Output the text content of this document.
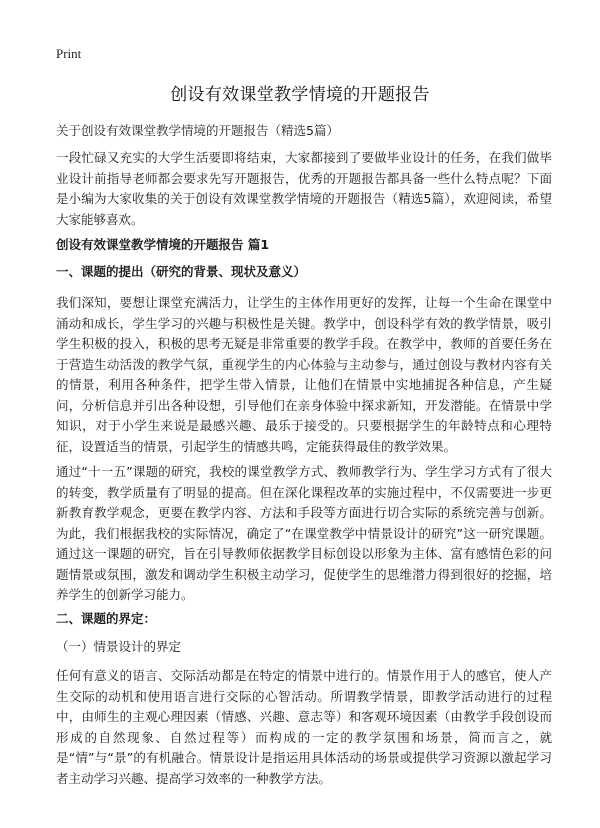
Print
创设有效课堂教学情境的开题报告

关于创设有效课堂教学情境的开题报告（精选5篇）

一段忙碌又充实的大学生活要即将结束，大家都接到了要做毕业设计的任务，在我们做毕业设计前指导老师都会要求先写开题报告，优秀的开题报告都具备一些什么特点呢？下面是小编为大家收集的关于创设有效课堂教学情境的开题报告（精选5篇），欢迎阅读，希望大家能够喜欢。

创设有效课堂教学情境的开题报告 篇1

一、课题的提出（研究的背景、现状及意义）

我们深知，要想让课堂充满活力，让学生的主体作用更好的发挥，让每一个生命在课堂中涌动和成长，学生学习的兴趣与积极性是关键。教学中，创设科学有效的教学情景，吸引学生积极的投入，积极的思考无疑是非常重要的教学手段。在教学中，教师的首要任务在于营造生动活泼的教学气氛，重视学生的内心体验与主动参与，通过创设与教材内容有关的情景，利用各种条件，把学生带入情景，让他们在情景中实地捕捉各种信息，产生疑问，分析信息并引出各种设想，引导他们在亲身体验中探求新知，开发潜能。在情景中学知识，对于小学生来说是最感兴趣、最乐于接受的。只要根据学生的年龄特点和心理特征，设置适当的情景，引起学生的情感共鸣，定能获得最佳的教学效果。

通过“十一五”课题的研究，我校的课堂教学方式、教师教学行为、学生学习方式有了很大的转变，教学质量有了明显的提高。但在深化课程改革的实施过程中，不仅需要进一步更新教育教学观念，更要在教学内容、方法和手段等方面进行切合实际的系统完善与创新。为此，我们根据我校的实际情况，确定了“在课堂教学中情景设计的研究”这一研究课题。通过这一课题的研究，旨在引导教师依据教学目标创设以形象为主体、富有感情色彩的问题情景或氛围，激发和调动学生积极主动学习，促使学生的思维潜力得到很好的挖掘，培养学生的创新学习能力。

二、课题的界定：

（一）情景设计的界定

任何有意义的语言、交际活动都是在特定的情景中进行的。情景作用于人的感官，使人产生交际的动机和使用语言进行交际的心智活动。所谓教学情景，即教学活动进行的过程中，由师生的主观心理因素（情感、兴趣、意志等）和客观环境因素（由教学手段创设而形成的自然现象、自然过程等）而构成的一定的教学氛围和场景，简而言之，就是“情”与“景”的有机融合。情景设计是指运用具体活动的场景或提供学习资源以激起学习者主动学习兴趣、提高学习效率的一种教学方法。
